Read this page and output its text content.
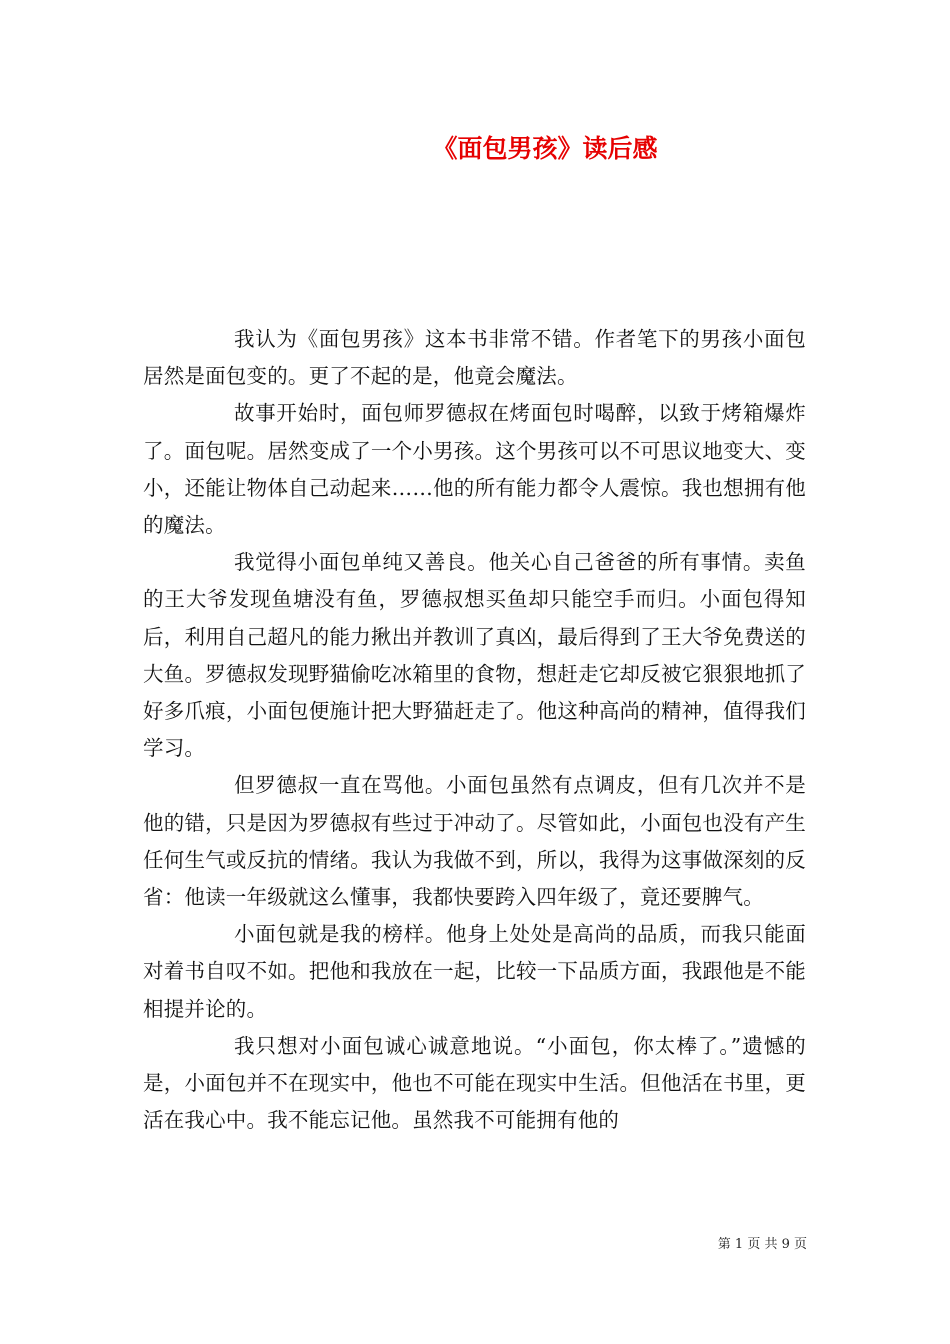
《面包男孩》读后感

我认为《面包男孩》这本书非常不错。作者笔下的男孩小面包居然是面包变的。更了不起的是，他竟会魔法。

故事开始时，面包师罗德叔在烤面包时喝醉，以致于烤箱爆炸了。面包呢。居然变成了一个小男孩。这个男孩可以不可思议地变大、变小，还能让物体自己动起来……他的所有能力都令人震惊。我也想拥有他的魔法。

我觉得小面包单纯又善良。他关心自己爸爸的所有事情。卖鱼的王大爷发现鱼塘没有鱼，罗德叔想买鱼却只能空手而归。小面包得知后，利用自己超凡的能力揪出并教训了真凶，最后得到了王大爷免费送的大鱼。罗德叔发现野猫偷吃冰箱里的食物，想赶走它却反被它狠狠地抓了好多爪痕，小面包便施计把大野猫赶走了。他这种高尚的精神，值得我们学习。

但罗德叔一直在骂他。小面包虽然有点调皮，但有几次并不是他的错，只是因为罗德叔有些过于冲动了。尽管如此，小面包也没有产生任何生气或反抗的情绪。我认为我做不到，所以，我得为这事做深刻的反省：他读一年级就这么懂事，我都快要跨入四年级了，竟还要脾气。

小面包就是我的榜样。他身上处处是高尚的品质，而我只能面对着书自叹不如。把他和我放在一起，比较一下品质方面，我跟他是不能相提并论的。

我只想对小面包诚心诚意地说。“小面包，你太棒了。”遗憾的是，小面包并不在现实中，他也不可能在现实中生活。但他活在书里，更活在我心中。我不能忘记他。虽然我不可能拥有他的

第 1 页 共 9 页
